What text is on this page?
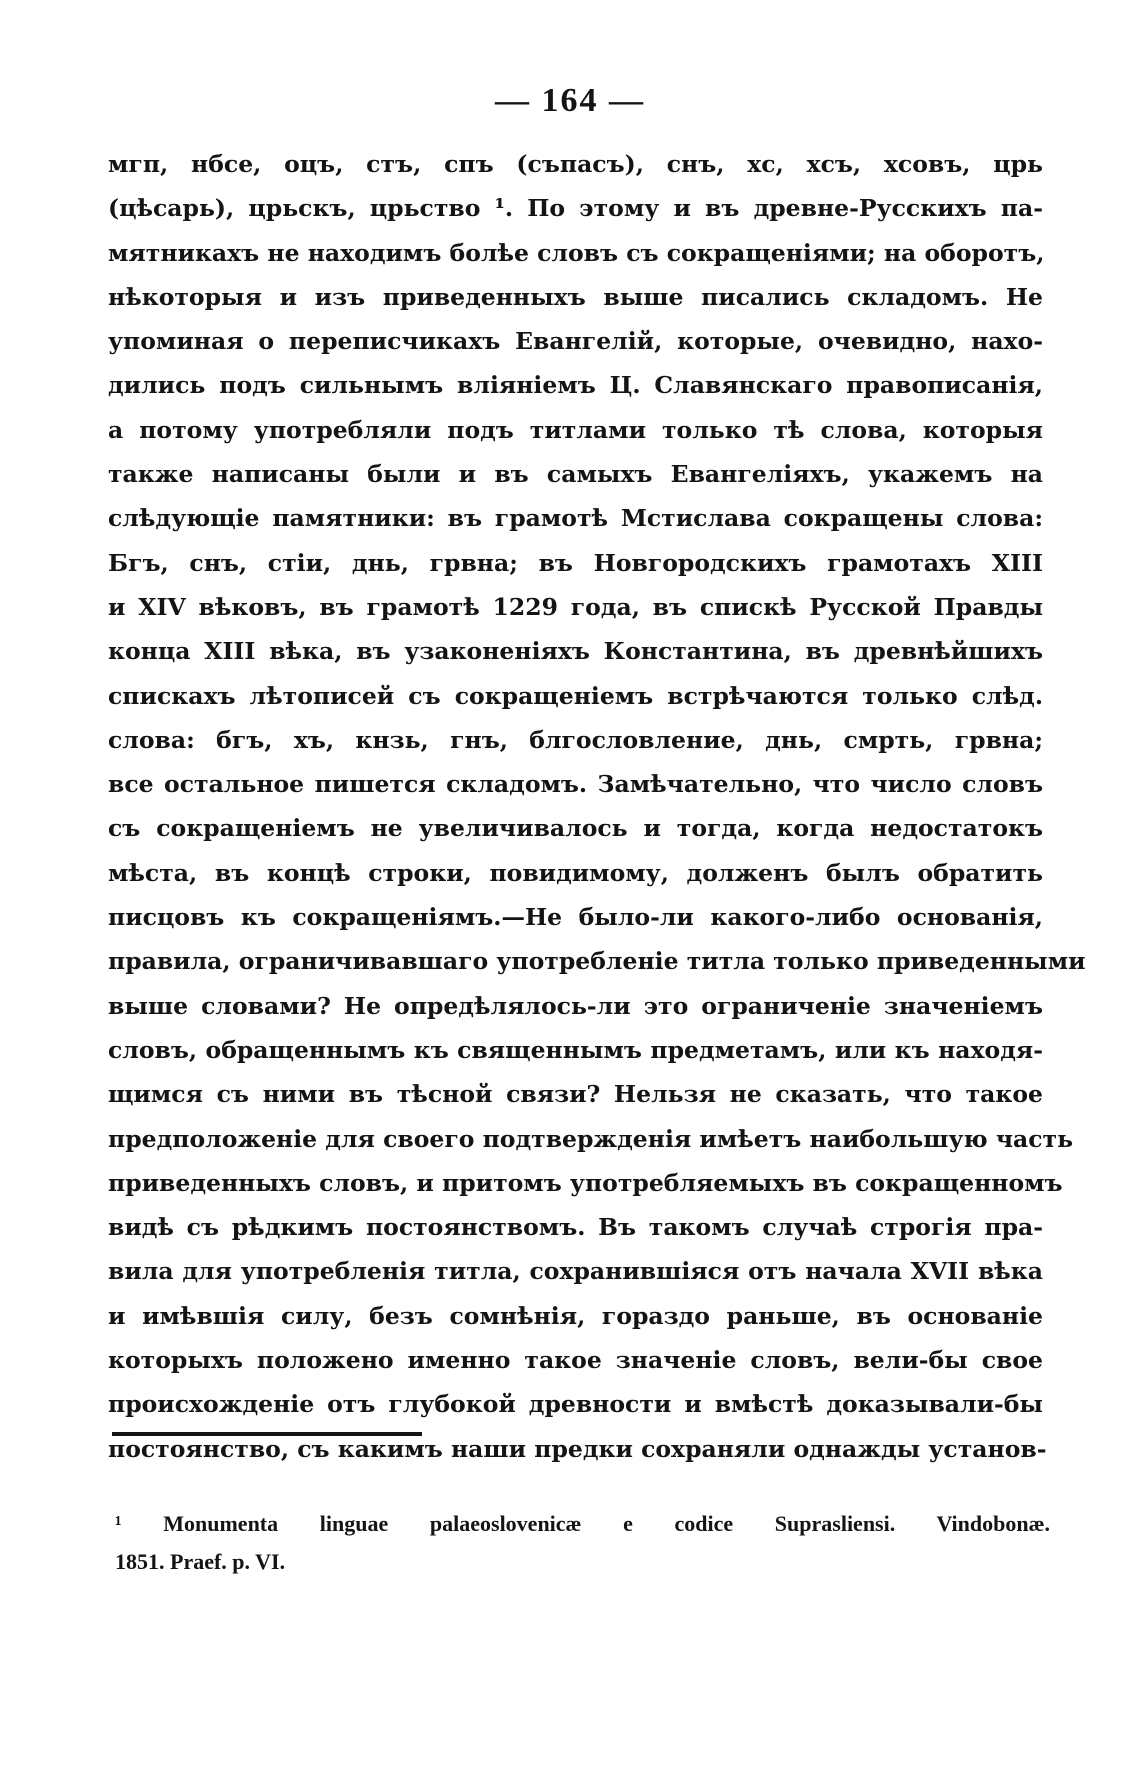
— 164 —
мгп, нбсе, оцъ, стъ, спъ (съпасъ), снъ, хс, хсъ, хсовъ, црь
(цѣсарь), црьскъ, црьство ¹. По этому и въ древне-Русскихъ па-
мятникахъ не находимъ болѣе словъ съ сокращеніями; на оборотъ,
нѣкоторыя и изъ приведенныхъ выше писались складомъ. Не
упоминая о переписчикахъ Евангелій, которые, очевидно, нахо-
дились подъ сильнымъ вліяніемъ Ц. Славянскаго правописанія,
а потому употребляли подъ титлами только тѣ слова, которыя
также написаны были и въ самыхъ Евангеліяхъ, укажемъ на
слѣдующіе памятники: въ грамотѣ Мстислава сокращены слова:
Бгъ, снъ, стіи, днь, грвна; въ Новгородскихъ грамотахъ XIII
и XIV вѣковъ, въ грамотѣ 1229 года, въ спискѣ Русской Правды
конца XIII вѣка, въ узаконеніяхъ Константина, въ древнѣйшихъ
спискахъ лѣтописей съ сокращеніемъ встрѣчаются только слѣд.
слова: бгъ, хъ, кнзь, гнъ, блгословление, днь, смрть, грвна;
все остальное пишется складомъ. Замѣчательно, что число словъ
съ сокращеніемъ не увеличивалось и тогда, когда недостатокъ
мѣста, въ концѣ строки, повидимому, долженъ былъ обратить
писцовъ къ сокращеніямъ.—Не было-ли какого-либо основанія,
правила, ограничивавшаго употребленіе титла только приведенными
выше словами? Не опредѣлялось-ли это ограниченіе значеніемъ
словъ, обращеннымъ къ священнымъ предметамъ, или къ находя-
щимся съ ними въ тѣсной связи? Нельзя не сказать, что такое
предположеніе для своего подтвержденія имѣетъ наибольшую часть
приведенныхъ словъ, и притомъ употребляемыхъ въ сокращенномъ
видѣ съ рѣдкимъ постоянствомъ. Въ такомъ случаѣ строгія пра-
вила для употребленія титла, сохранившіяся отъ начала XVII вѣка
и имѣвшія силу, безъ сомнѣнія, гораздо раньше, въ основаніе
которыхъ положено именно такое значеніе словъ, вели-бы свое
происхожденіе отъ глубокой древности и вмѣстѣ доказывали-бы
постоянство, съ какимъ наши предки сохраняли однажды установ-
¹ Monumenta linguae palaeoslovenicæ e codice Suprasliensi. Vindobonæ.
1851. Praef. p. VI.
